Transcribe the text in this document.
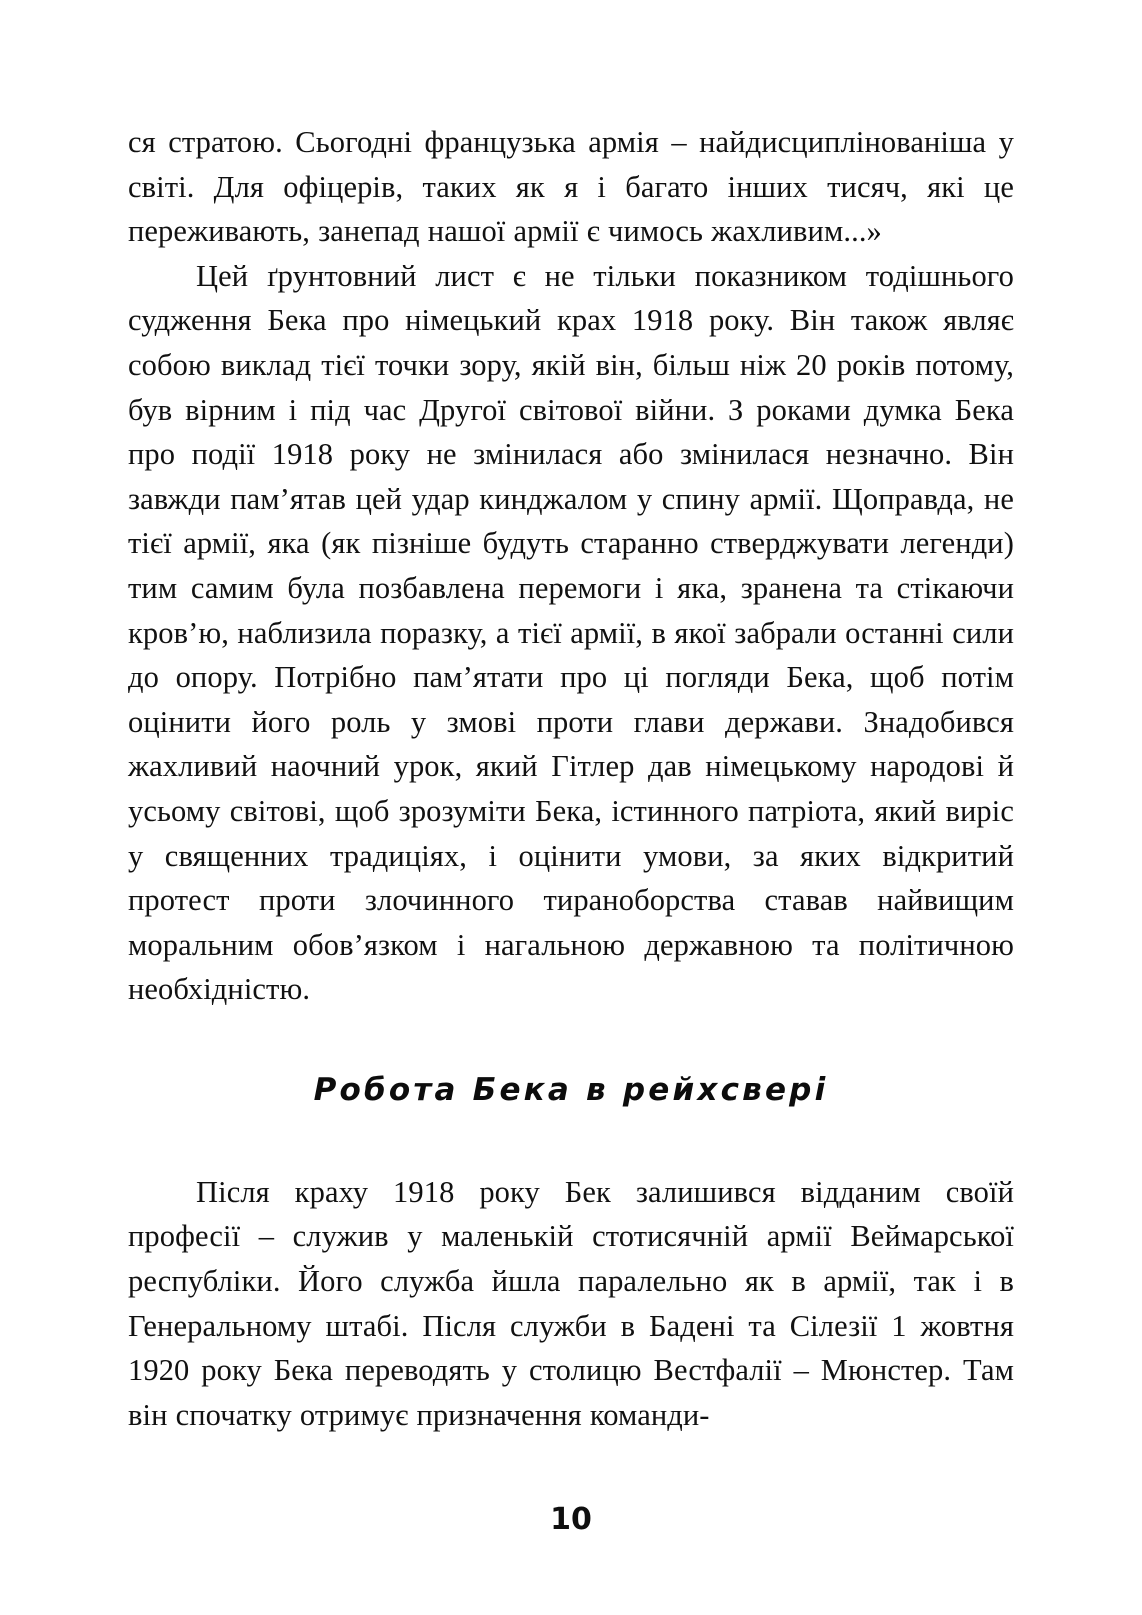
ся стратою. Сьогодні французька армія – найдисциплінованіша у світі. Для офіцерів, таких як я і багато інших тисяч, які це переживають, занепад нашої армії є чимось жахливим...»

Цей ґрунтовний лист є не тільки показником тодішнього судження Бека про німецький крах 1918 року. Він також являє собою виклад тієї точки зору, якій він, більш ніж 20 років потому, був вірним і під час Другої світової війни. З роками думка Бека про події 1918 року не змінилася або змінилася незначно. Він завжди пам’ятав цей удар кинджалом у спину армії. Щоправда, не тієї армії, яка (як пізніше будуть старанно стверджувати легенди) тим самим була позбавлена перемоги і яка, зранена та стікаючи кров’ю, наблизила поразку, а тієї армії, в якої забрали останні сили до опору. Потрібно пам’ятати про ці погляди Бека, щоб потім оцінити його роль у змові проти глави держави. Знадобився жахливий наочний урок, який Гітлер дав німецькому народові й усьому світові, щоб зрозуміти Бека, істинного патріота, який виріс у священних традиціях, і оцінити умови, за яких відкритий протест проти злочинного тираноборства ставав найвищим моральним обов’язком і нагальною державною та політичною необхідністю.

Робота Бека в рейхсвері

Після краху 1918 року Бек залишився відданим своїй професії – служив у маленькій стотисячній армії Веймарської республіки. Його служба йшла паралельно як в армії, так і в Генеральному штабі. Після служби в Бадені та Сілезії 1 жовтня 1920 року Бека переводять у столицю Вестфалії – Мюнстер. Там він спочатку отримує призначення команди-

10
